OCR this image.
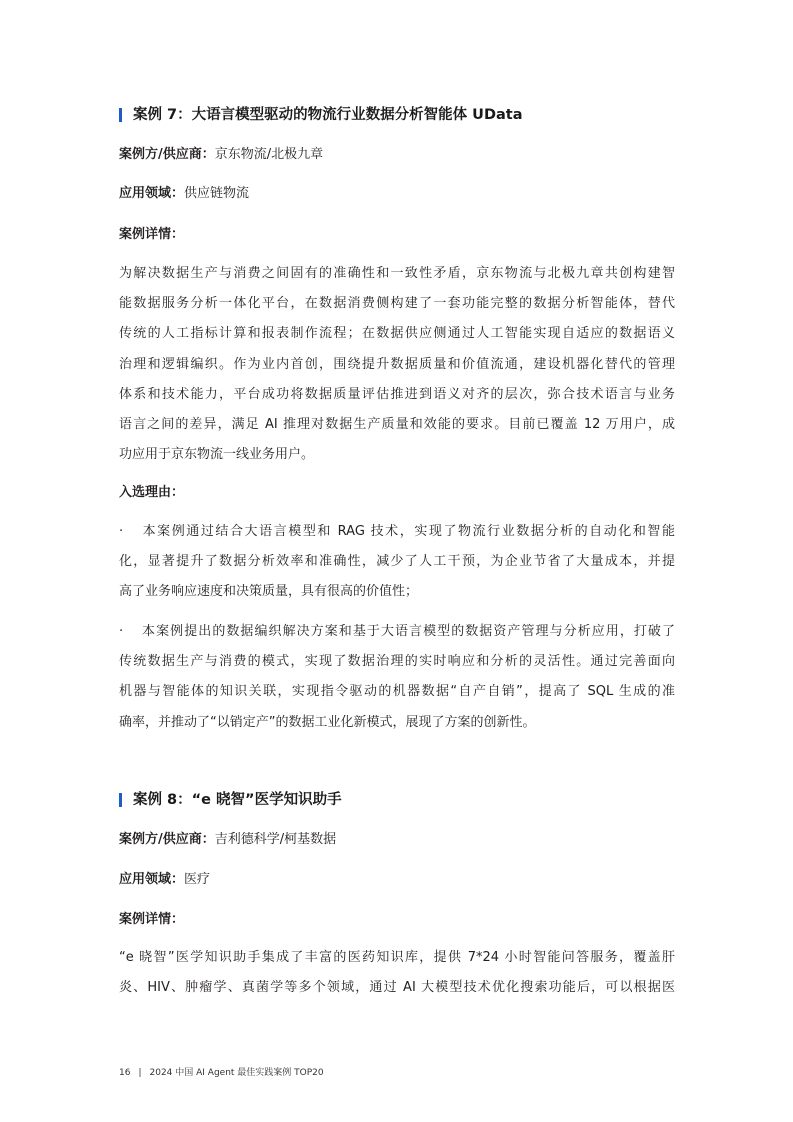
案例 7：大语言模型驱动的物流行业数据分析智能体 UData
案例方/供应商：京东物流/北极九章
应用领域：供应链物流
案例详情：
为解决数据生产与消费之间固有的准确性和一致性矛盾，京东物流与北极九章共创构建智
能数据服务分析一体化平台，在数据消费侧构建了一套功能完整的数据分析智能体，替代
传统的人工指标计算和报表制作流程；在数据供应侧通过人工智能实现自适应的数据语义
治理和逻辑编织。作为业内首创，围绕提升数据质量和价值流通，建设机器化替代的管理
体系和技术能力，平台成功将数据质量评估推进到语义对齐的层次，弥合技术语言与业务
语言之间的差异，满足 AI 推理对数据生产质量和效能的要求。目前已覆盖 12 万用户，成
功应用于京东物流一线业务用户。
入选理由：
· 本案例通过结合大语言模型和 RAG 技术，实现了物流行业数据分析的自动化和智能
化，显著提升了数据分析效率和准确性，减少了人工干预，为企业节省了大量成本，并提
高了业务响应速度和决策质量，具有很高的价值性；
· 本案例提出的数据编织解决方案和基于大语言模型的数据资产管理与分析应用，打破了
传统数据生产与消费的模式，实现了数据治理的实时响应和分析的灵活性。通过完善面向
机器与智能体的知识关联，实现指令驱动的机器数据“自产自销”，提高了 SQL 生成的准
确率，并推动了“以销定产”的数据工业化新模式，展现了方案的创新性。
案例 8：“e 晓智”医学知识助手
案例方/供应商：吉利德科学/柯基数据
应用领域：医疗
案例详情：
“e 晓智”医学知识助手集成了丰富的医药知识库，提供 7*24 小时智能问答服务，覆盖肝
炎、HIV、肿瘤学、真菌学等多个领域，通过 AI 大模型技术优化搜索功能后，可以根据医
16 | 2024 中国 AI Agent 最佳实践案例 TOP20
